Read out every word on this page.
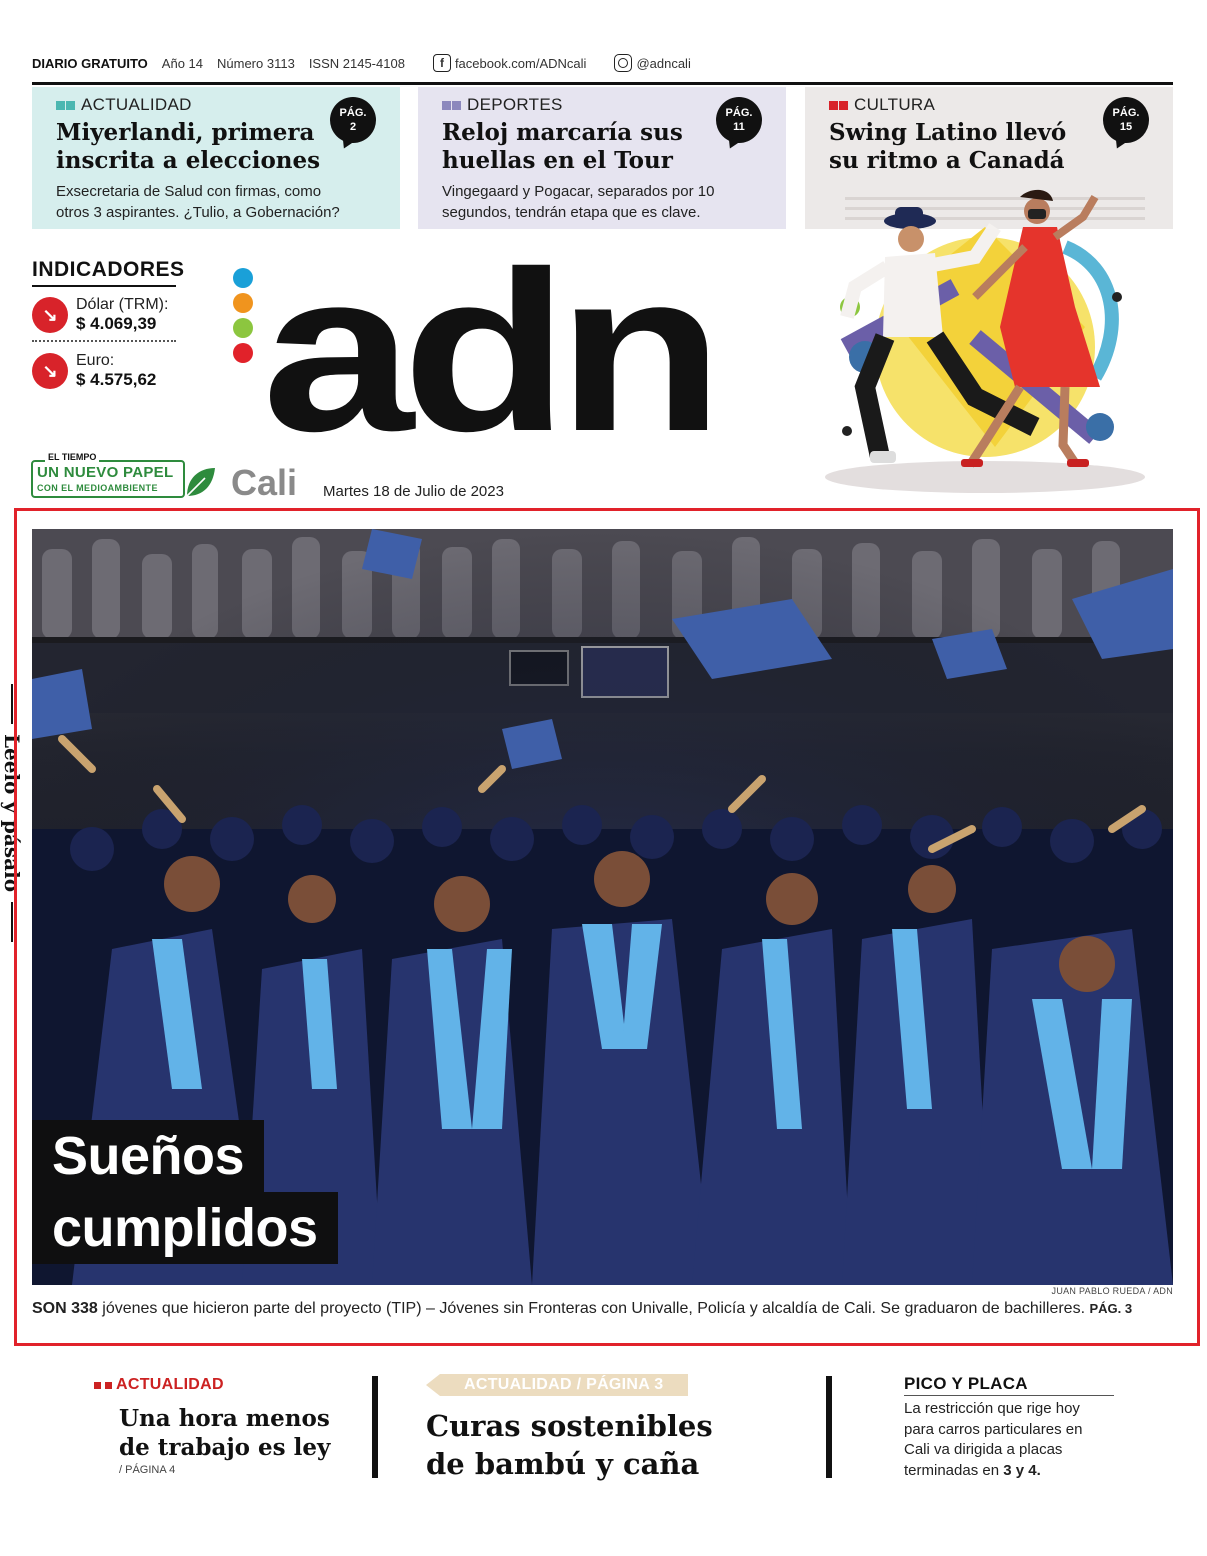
DIARIO GRATUITO Año 14 Número 3113 ISSN 2145-4108	f facebook.com/ADNcali	@adncali
ACTUALIDAD
Miyerlandi, primera
inscrita a elecciones
Exsecretaria de Salud con firmas, como
otros 3 aspirantes. ¿Tulio, a Gobernación?
PÁG.
2
DEPORTES
Reloj marcaría sus
huellas en el Tour
Vingegaard y Pogacar, separados por 10
segundos, tendrán etapa que es clave.
PÁG.
11
CULTURA
Swing Latino llevó
su ritmo a Canadá
PÁG.
15
INDICADORES
↘	Dólar (TRM):
$ 4.069,39
↘	Euro:
$ 4.575,62 adn
EL TIEMPO
UN NUEVO PAPEL
CON EL MEDIOAMBIENTE Cali Martes 18 de Julio de 2023
Leelo y pásalo
Sueños
cumplidos
JUAN PABLO RUEDA / ADN
SON 338 jóvenes que hicieron parte del proyecto (TIP) – Jóvenes sin Fronteras con Univalle, Policía y alcaldía de Cali. Se graduaron de bachilleres. PÁG. 3
ACTUALIDAD
Una hora menos
de trabajo es ley
/ PÁGINA 4
ACTUALIDAD / PÁGINA 3
Curas sostenibles
de bambú y caña
PICO Y PLACA
La restricción que rige hoy
para carros particulares en
Cali va dirigida a placas
terminadas en 3 y 4.
